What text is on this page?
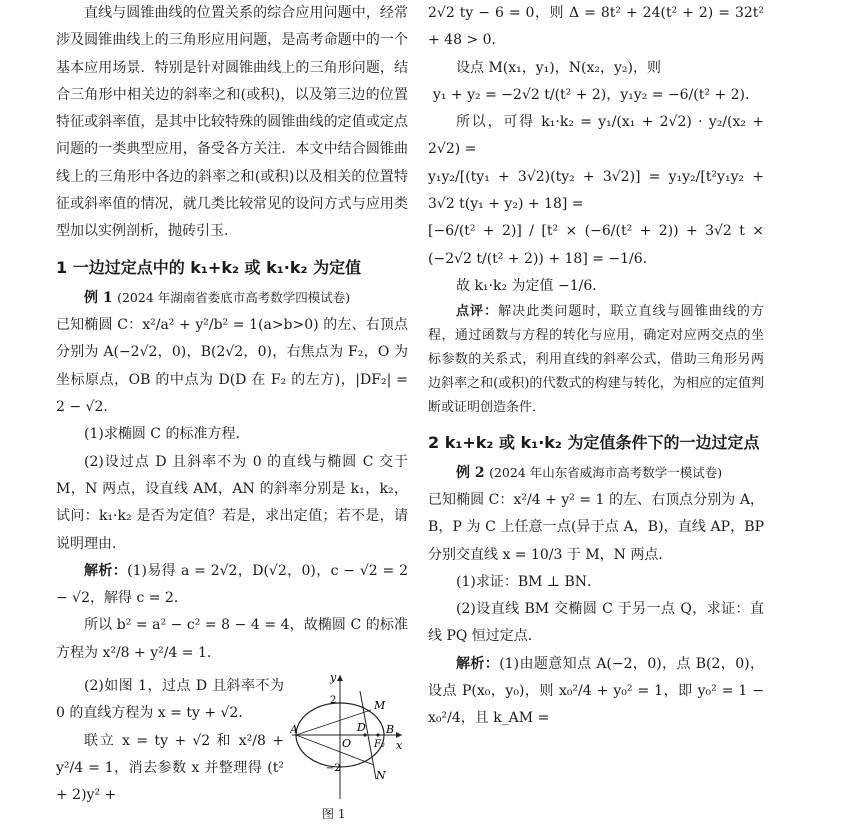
直线与圆锥曲线的位置关系的综合应用问题中，经常涉及圆锥曲线上的三角形应用问题，是高考命题中的一个基本应用场景．特别是针对圆锥曲线上的三角形问题，结合三角形中相关边的斜率之和(或积)，以及第三边的位置特征或斜率值，是其中比较特殊的圆锥曲线的定值或定点问题的一类典型应用，备受各方关注．本文中结合圆锥曲线上的三角形中各边的斜率之和(或积)以及相关的位置特征或斜率值的情况，就几类比较常见的设问方式与应用类型加以实例剖析，抛砖引玉．

1 一边过定点中的 k₁+k₂ 或 k₁·k₂ 为定值

例 1 (2024 年湖南省娄底市高考数学四模试卷)

已知椭圆 C：x²/a² + y²/b² = 1(a>b>0) 的左、右顶点分别为 A(−2√2，0)，B(2√2，0)，右焦点为 F₂，O 为坐标原点，OB 的中点为 D(D 在 F₂ 的左方)，|DF₂| = 2 − √2．

(1)求椭圆 C 的标准方程．

(2)设过点 D 且斜率不为 0 的直线与椭圆 C 交于 M，N 两点，设直线 AM，AN 的斜率分别是 k₁，k₂，试问：k₁·k₂ 是否为定值？若是，求出定值；若不是，请说明理由．

解析：(1)易得 a = 2√2，D(√2，0)，c − √2 = 2 − √2，解得 c = 2．

所以 b² = a² − c² = 8 − 4 = 4，故椭圆 C 的标准方程为 x²/8 + y²/4 = 1．

(2)如图 1，过点 D 且斜率不为 0 的直线方程为 x = ty + √2．

联立 x = ty + √2 和 x²/8 + y²/4 = 1，消去参数 x 并整理得 (t² + 2)y² +

y
x
2
−2
M
N
A	B
O
D
F₂
图 1

2√2 ty − 6 = 0，则 Δ = 8t² + 24(t² + 2) = 32t² + 48 > 0．

设点 M(x₁，y₁)，N(x₂，y₂)，则

y₁ + y₂ = −2√2 t/(t² + 2)，y₁y₂ = −6/(t² + 2)．

所以，可得 k₁·k₂ = y₁/(x₁ + 2√2) · y₂/(x₂ + 2√2) =

y₁y₂/[(ty₁ + 3√2)(ty₂ + 3√2)] = y₁y₂/[t²y₁y₂ + 3√2 t(y₁ + y₂) + 18] =

[−6/(t² + 2)] / [t² × (−6/(t² + 2)) + 3√2 t × (−2√2 t/(t² + 2)) + 18] = −1/6．

故 k₁·k₂ 为定值 −1/6．

点评：解决此类问题时，联立直线与圆锥曲线的方程，通过函数与方程的转化与应用，确定对应两交点的坐标参数的关系式，利用直线的斜率公式，借助三角形另两边斜率之和(或积)的代数式的构建与转化，为相应的定值判断或证明创造条件．

2 k₁+k₂ 或 k₁·k₂ 为定值条件下的一边过定点

例 2 (2024 年山东省威海市高考数学一模试卷)

已知椭圆 C：x²/4 + y² = 1 的左、右顶点分别为 A，B，P 为 C 上任意一点(异于点 A，B)，直线 AP，BP 分别交直线 x = 10/3 于 M，N 两点．

(1)求证：BM ⊥ BN．

(2)设直线 BM 交椭圆 C 于另一点 Q，求证：直线 PQ 恒过定点．

解析：(1)由题意知点 A(−2，0)，点 B(2，0)，设点 P(x₀，y₀)，则 x₀²/4 + y₀² = 1，即 y₀² = 1 − x₀²/4，且 k_AM =
